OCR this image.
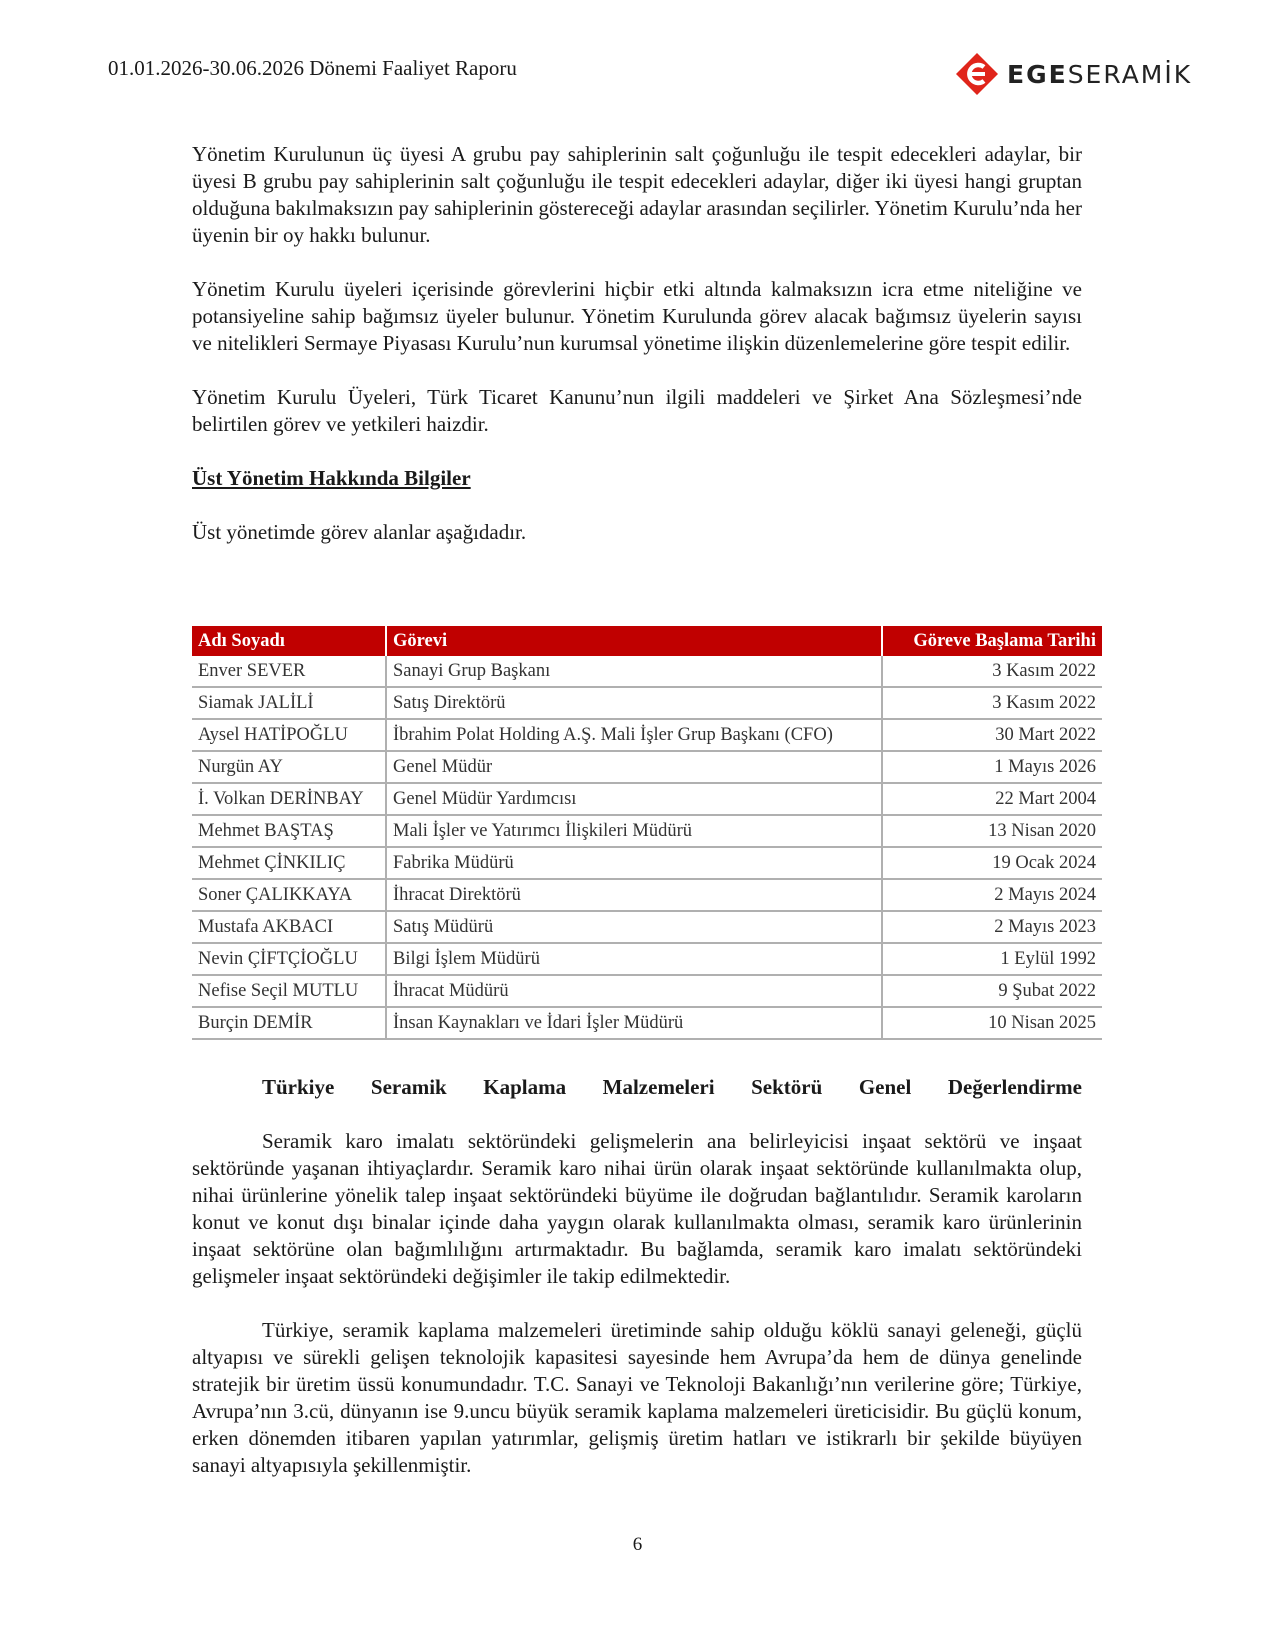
01.01.2026-30.06.2026 Dönemi Faaliyet Raporu	EGESERAMİK

Yönetim Kurulunun üç üyesi A grubu pay sahiplerinin salt çoğunluğu ile tespit edecekleri adaylar, bir üyesi B grubu pay sahiplerinin salt çoğunluğu ile tespit edecekleri adaylar, diğer iki üyesi hangi gruptan olduğuna bakılmaksızın pay sahiplerinin göstereceği adaylar arasından seçilirler. Yönetim Kurulu’nda her üyenin bir oy hakkı bulunur.

Yönetim Kurulu üyeleri içerisinde görevlerini hiçbir etki altında kalmaksızın icra etme niteliğine ve potansiyeline sahip bağımsız üyeler bulunur. Yönetim Kurulunda görev alacak bağımsız üyelerin sayısı ve nitelikleri Sermaye Piyasası Kurulu’nun kurumsal yönetime ilişkin düzenlemelerine göre tespit edilir.

Yönetim Kurulu Üyeleri, Türk Ticaret Kanunu’nun ilgili maddeleri ve Şirket Ana Sözleşmesi’nde belirtilen görev ve yetkileri haizdir.

Üst Yönetim Hakkında Bilgiler
Üst yönetimde görev alanlar aşağıdadır.
Adı Soyadı	Görevi	Göreve Başlama Tarihi
Enver SEVER	Sanayi Grup Başkanı	3 Kasım 2022
Siamak JALİLİ	Satış Direktörü	3 Kasım 2022
Aysel HATİPOĞLU	İbrahim Polat Holding A.Ş. Mali İşler Grup Başkanı (CFO)	30 Mart 2022
Nurgün AY	Genel Müdür	1 Mayıs 2026
İ. Volkan DERİNBAY	Genel Müdür Yardımcısı	22 Mart 2004
Mehmet BAŞTAŞ	Mali İşler ve Yatırımcı İlişkileri Müdürü	13 Nisan 2020
Mehmet ÇİNKILIÇ	Fabrika Müdürü	19 Ocak 2024
Soner ÇALIKKAYA	İhracat Direktörü	2 Mayıs 2024
Mustafa AKBACI	Satış Müdürü	2 Mayıs 2023
Nevin ÇİFTÇİOĞLU	Bilgi İşlem Müdürü	1 Eylül 1992
Nefise Seçil MUTLU	İhracat Müdürü	9 Şubat 2022
Burçin DEMİR	İnsan Kaynakları ve İdari İşler Müdürü	10 Nisan 2025
Türkiye Seramik Kaplama Malzemeleri Sektörü Genel Değerlendirme

Seramik karo imalatı sektöründeki gelişmelerin ana belirleyicisi inşaat sektörü ve inşaat sektöründe yaşanan ihtiyaçlardır. Seramik karo nihai ürün olarak inşaat sektöründe kullanılmakta olup, nihai ürünlerine yönelik talep inşaat sektöründeki büyüme ile doğrudan bağlantılıdır. Seramik karoların konut ve konut dışı binalar içinde daha yaygın olarak kullanılmakta olması, seramik karo ürünlerinin inşaat sektörüne olan bağımlılığını artırmaktadır. Bu bağlamda, seramik karo imalatı sektöründeki gelişmeler inşaat sektöründeki değişimler ile takip edilmektedir.

Türkiye, seramik kaplama malzemeleri üretiminde sahip olduğu köklü sanayi geleneği, güçlü altyapısı ve sürekli gelişen teknolojik kapasitesi sayesinde hem Avrupa’da hem de dünya genelinde stratejik bir üretim üssü konumundadır. T.C. Sanayi ve Teknoloji Bakanlığı’nın verilerine göre; Türkiye, Avrupa’nın 3.cü, dünyanın ise 9.uncu büyük seramik kaplama malzemeleri üreticisidir. Bu güçlü konum, erken dönemden itibaren yapılan yatırımlar, gelişmiş üretim hatları ve istikrarlı bir şekilde büyüyen sanayi altyapısıyla şekillenmiştir.

6
